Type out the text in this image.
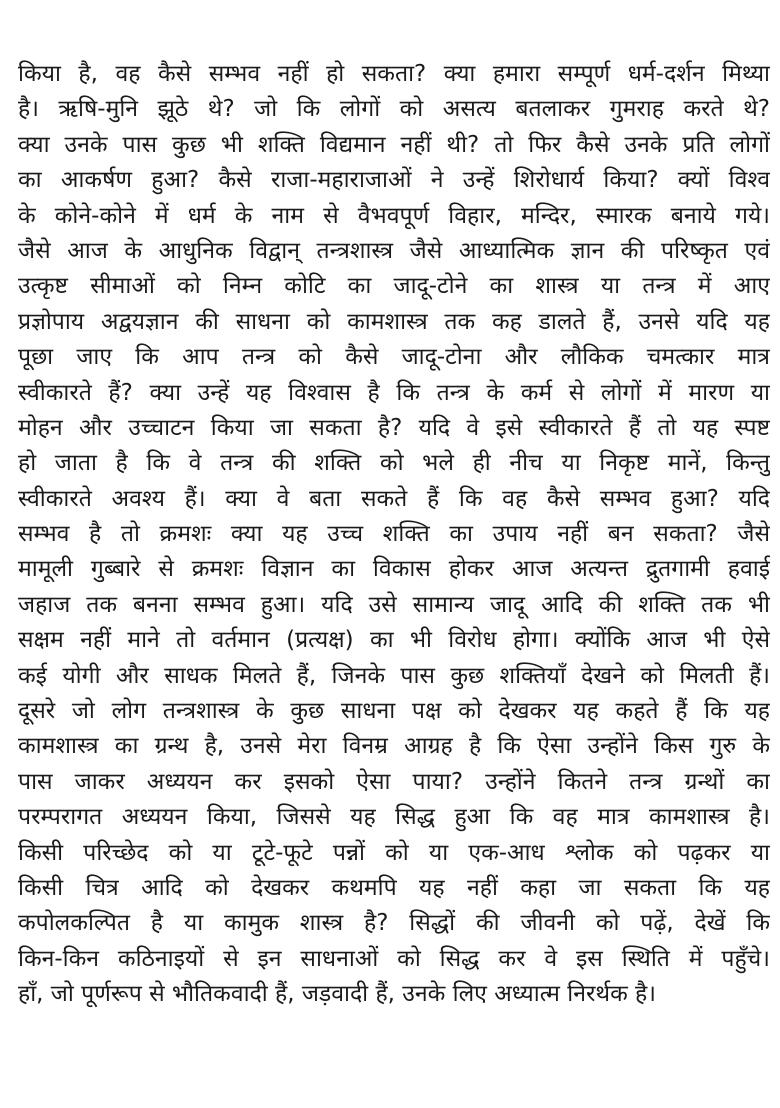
किया है, वह कैसे सम्भव नहीं हो सकता? क्या हमारा सम्पूर्ण धर्म-दर्शन मिथ्या
है। ऋषि-मुनि झूठे थे? जो कि लोगों को असत्य बतलाकर गुमराह करते थे?
क्या उनके पास कुछ भी शक्ति विद्यमान नहीं थी? तो फिर कैसे उनके प्रति लोगों
का आकर्षण हुआ? कैसे राजा-महाराजाओं ने उन्हें शिरोधार्य किया? क्यों विश्व
के कोने-कोने में धर्म के नाम से वैभवपूर्ण विहार, मन्दिर, स्मारक बनाये गये।
जैसे आज के आधुनिक विद्वान् तन्त्रशास्त्र जैसे आध्यात्मिक ज्ञान की परिष्कृत एवं
उत्कृष्ट सीमाओं को निम्न कोटि का जादू-टोने का शास्त्र या तन्त्र में आए
प्रज्ञोपाय अद्वयज्ञान की साधना को कामशास्त्र तक कह डालते हैं, उनसे यदि यह
पूछा जाए कि आप तन्त्र को कैसे जादू-टोना और लौकिक चमत्कार मात्र
स्वीकारते हैं? क्या उन्हें यह विश्वास है कि तन्त्र के कर्म से लोगों में मारण या
मोहन और उच्चाटन किया जा सकता है? यदि वे इसे स्वीकारते हैं तो यह स्पष्ट
हो जाता है कि वे तन्त्र की शक्ति को भले ही नीच या निकृष्ट मानें, किन्तु
स्वीकारते अवश्य हैं। क्या वे बता सकते हैं कि वह कैसे सम्भव हुआ? यदि
सम्भव है तो क्रमशः क्या यह उच्च शक्ति का उपाय नहीं बन सकता? जैसे
मामूली गुब्बारे से क्रमशः विज्ञान का विकास होकर आज अत्यन्त द्रुतगामी हवाई
जहाज तक बनना सम्भव हुआ। यदि उसे सामान्य जादू आदि की शक्ति तक भी
सक्षम नहीं माने तो वर्तमान (प्रत्यक्ष) का भी विरोध होगा। क्योंकि आज भी ऐसे
कई योगी और साधक मिलते हैं, जिनके पास कुछ शक्तियाँ देखने को मिलती हैं।
दूसरे जो लोग तन्त्रशास्त्र के कुछ साधना पक्ष को देखकर यह कहते हैं कि यह
कामशास्त्र का ग्रन्थ है, उनसे मेरा विनम्र आग्रह है कि ऐसा उन्होंने किस गुरु के
पास जाकर अध्ययन कर इसको ऐसा पाया? उन्होंने कितने तन्त्र ग्रन्थों का
परम्परागत अध्ययन किया, जिससे यह सिद्ध हुआ कि वह मात्र कामशास्त्र है।
किसी परिच्छेद को या टूटे-फूटे पन्नों को या एक-आध श्लोक को पढ़कर या
किसी चित्र आदि को देखकर कथमपि यह नहीं कहा जा सकता कि यह
कपोलकल्पित है या कामुक शास्त्र है? सिद्धों की जीवनी को पढ़ें, देखें कि
किन-किन कठिनाइयों से इन साधनाओं को सिद्ध कर वे इस स्थिति में पहुँचे।
हाँ, जो पूर्णरूप से भौतिकवादी हैं, जड़वादी हैं, उनके लिए अध्यात्म निरर्थक है।
